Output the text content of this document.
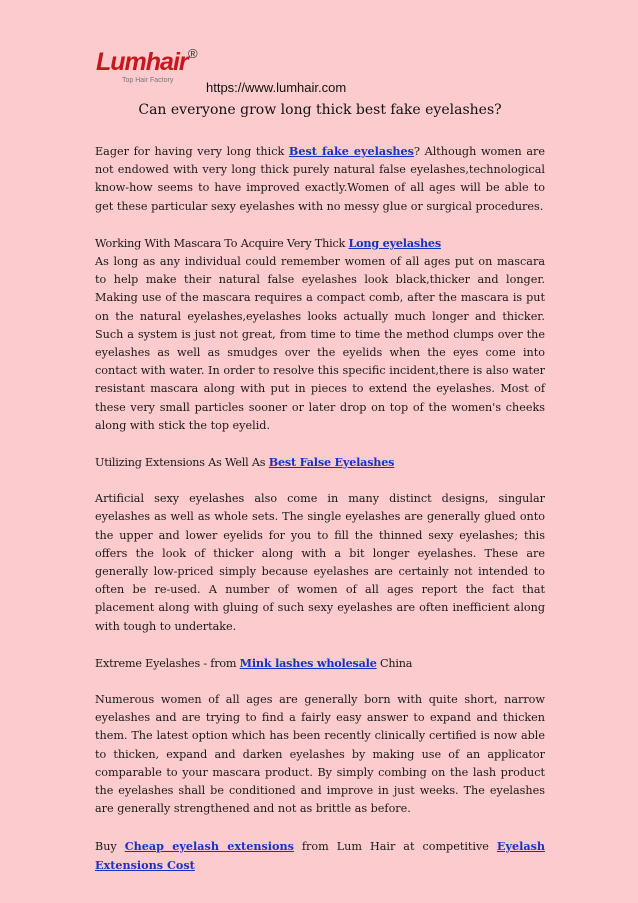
Lumhair ®
Top Hair Factory	https://www.lumhair.com
Can everyone grow long thick best fake eyelashes?

Eager for having very long thick Best fake eyelashes? Although women are not endowed with very long thick purely natural false eyelashes,technological know-how seems to have improved exactly.Women of all ages will be able to get these particular sexy eyelashes with no messy glue or surgical procedures.

Working With Mascara To Acquire Very Thick Long eyelashes

As long as any individual could remember women of all ages put on mascara to help make their natural false eyelashes look black,thicker and longer. Making use of the mascara requires a compact comb, after the mascara is put on the natural eyelashes,eyelashes looks actually much longer and thicker. Such a system is just not great, from time to time the method clumps over the eyelashes as well as smudges over the eyelids when the eyes come into contact with water. In order to resolve this specific incident,there is also water resistant mascara along with put in pieces to extend the eyelashes. Most of these very small particles sooner or later drop on top of the women's cheeks along with stick the top eyelid.

Utilizing Extensions As Well As Best False Eyelashes

Artificial sexy eyelashes also come in many distinct designs, singular eyelashes as well as whole sets. The single eyelashes are generally glued onto the upper and lower eyelids for you to fill the thinned sexy eyelashes; this offers the look of thicker along with a bit longer eyelashes. These are generally low-priced simply because eyelashes are certainly not intended to often be re-used. A number of women of all ages report the fact that placement along with gluing of such sexy eyelashes are often inefficient along with tough to undertake.

Extreme Eyelashes - from Mink lashes wholesale China

Numerous women of all ages are generally born with quite short, narrow eyelashes and are trying to find a fairly easy answer to expand and thicken them. The latest option which has been recently clinically certified is now able to thicken, expand and darken eyelashes by making use of an applicator comparable to your mascara product. By simply combing on the lash product the eyelashes shall be conditioned and improve in just weeks. The eyelashes are generally strengthened and not as brittle as before.

Buy Cheap eyelash extensions from Lum Hair at competitive Eyelash Extensions Cost
